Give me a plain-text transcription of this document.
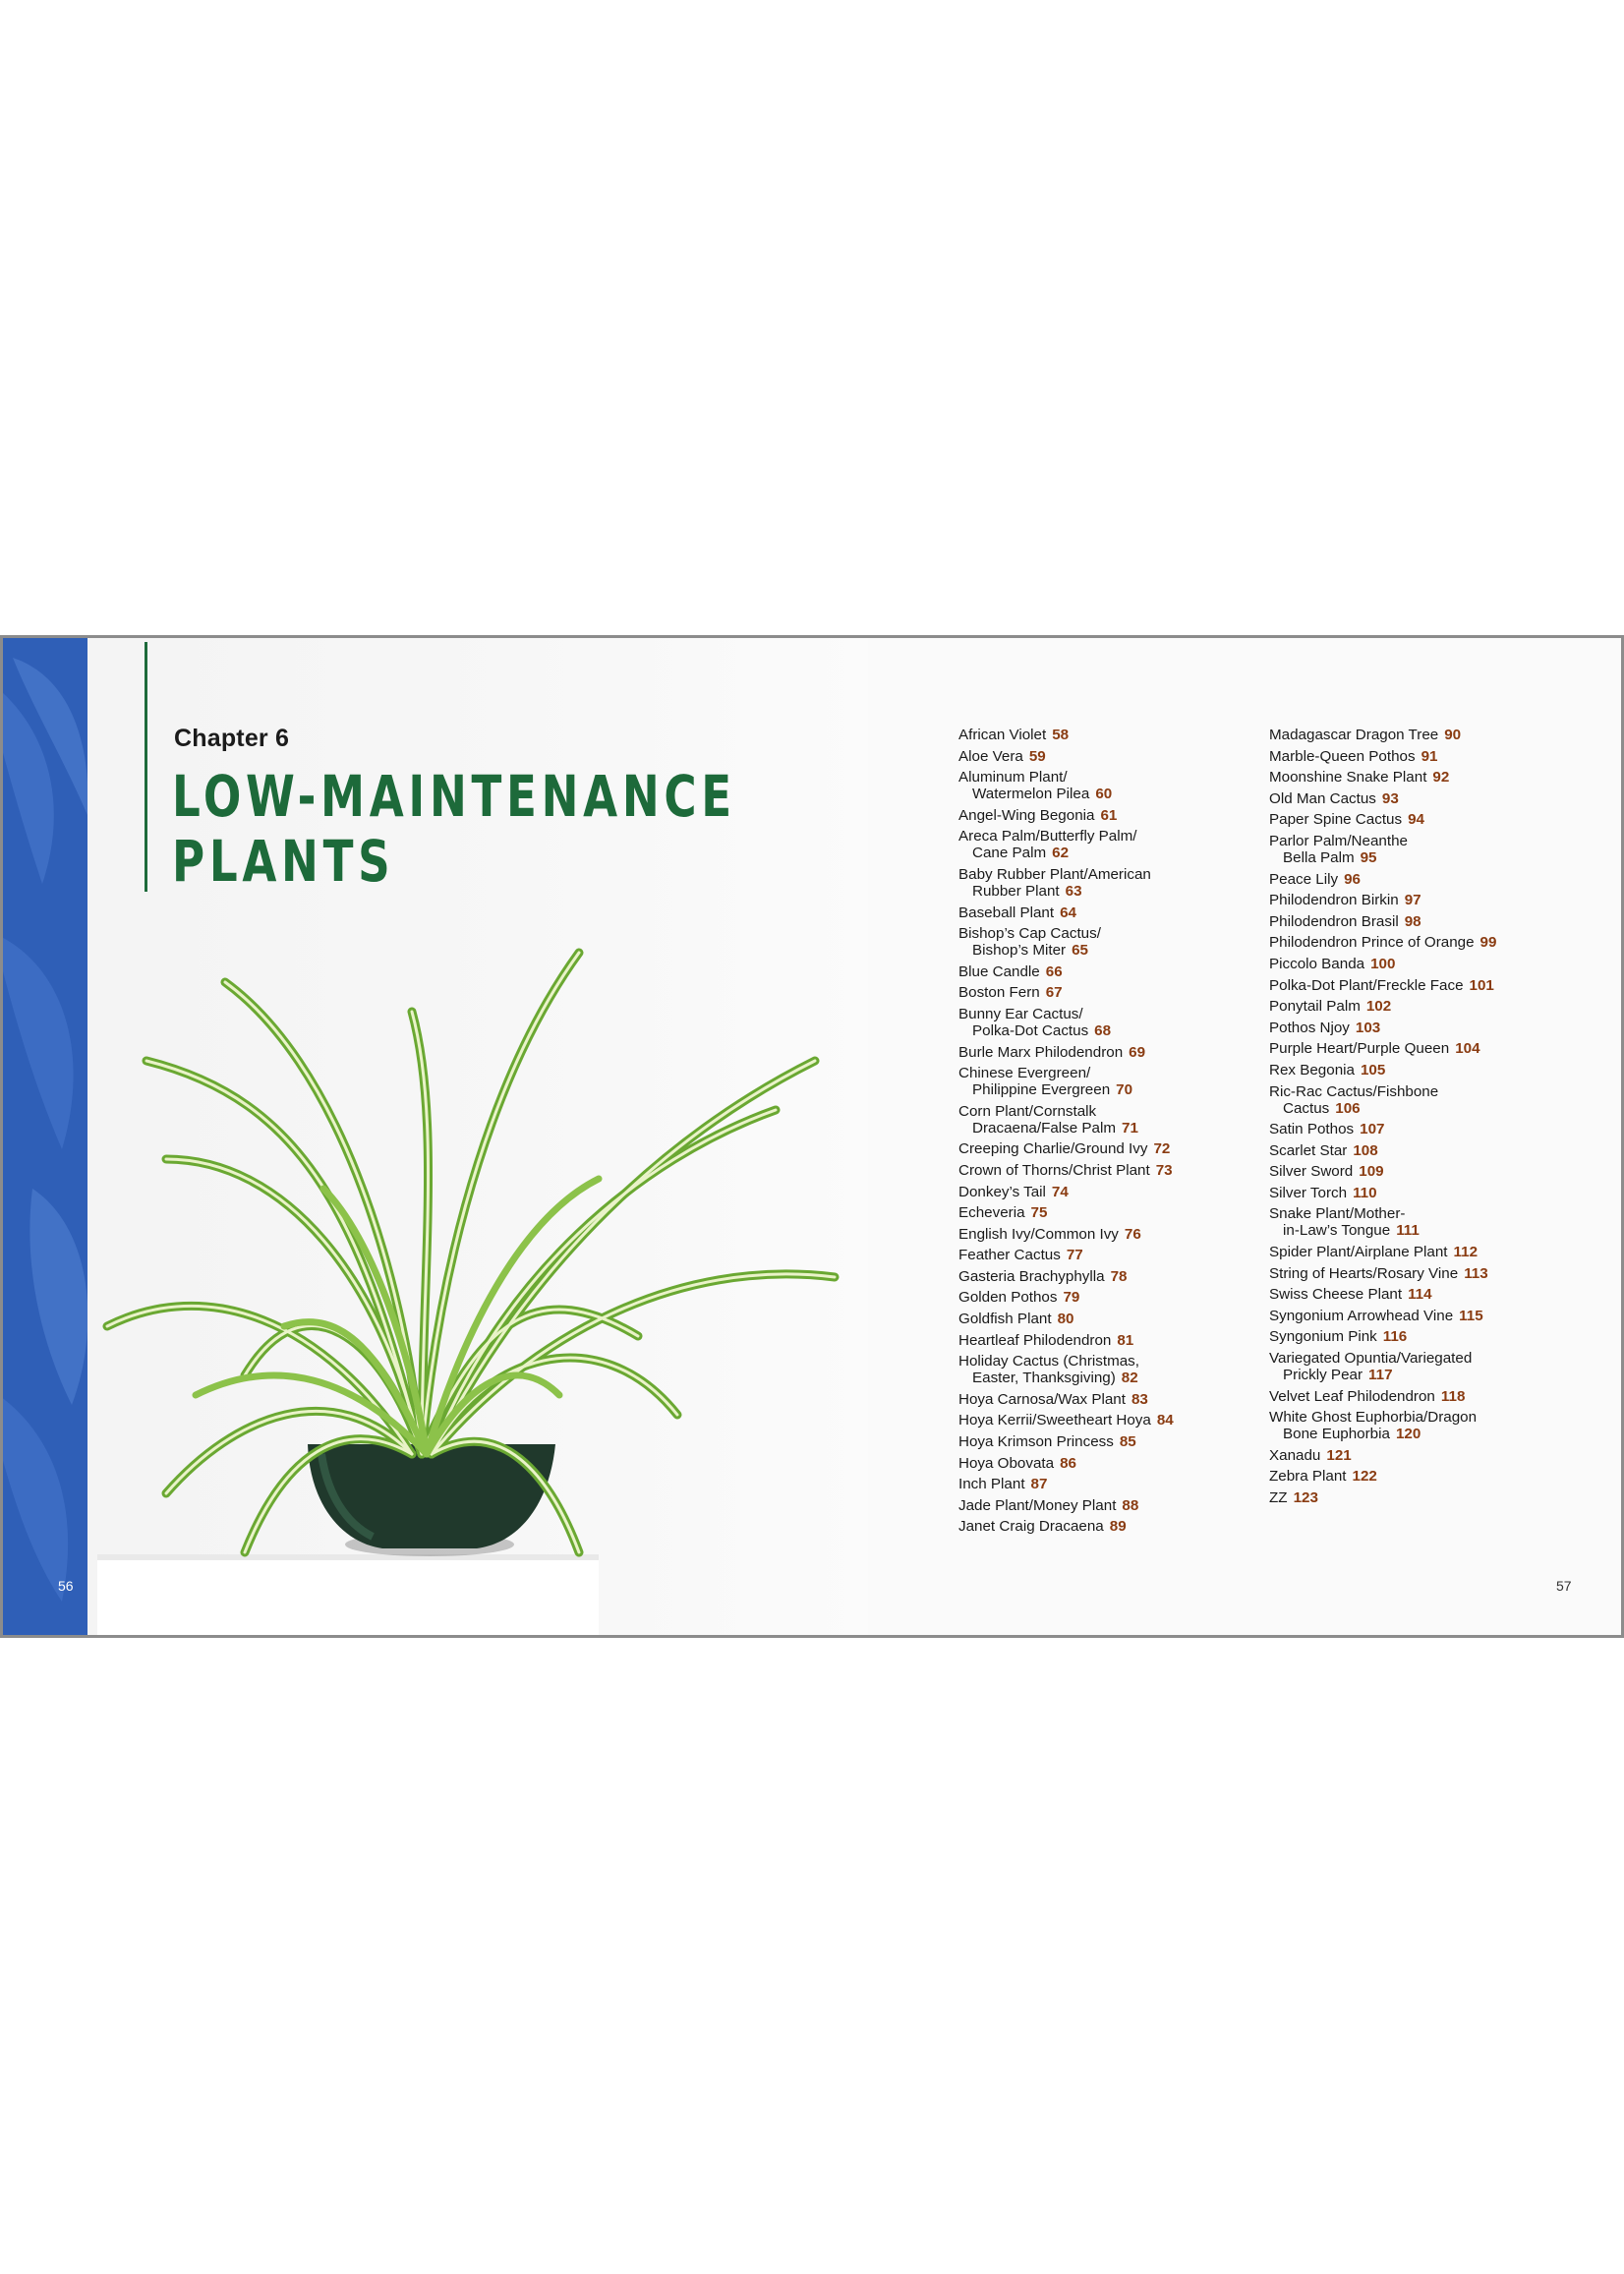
56
Chapter 6
LOW-MAINTENANCE
PLANTS
57
African Violet 58
Aloe Vera 59
Aluminum Plant/
Watermelon Pilea 60
Angel-Wing Begonia 61
Areca Palm/Butterfly Palm/
Cane Palm 62
Baby Rubber Plant/American
Rubber Plant 63
Baseball Plant 64
Bishop’s Cap Cactus/
Bishop’s Miter 65
Blue Candle 66
Boston Fern 67
Bunny Ear Cactus/
Polka-Dot Cactus 68
Burle Marx Philodendron 69
Chinese Evergreen/
Philippine Evergreen 70
Corn Plant/Cornstalk
Dracaena/False Palm 71
Creeping Charlie/Ground Ivy 72
Crown of Thorns/Christ Plant 73
Donkey’s Tail 74
Echeveria 75
English Ivy/Common Ivy 76
Feather Cactus 77
Gasteria Brachyphylla 78
Golden Pothos 79
Goldfish Plant 80
Heartleaf Philodendron 81
Holiday Cactus (Christmas,
Easter, Thanksgiving) 82
Hoya Carnosa/Wax Plant 83
Hoya Kerrii/Sweetheart Hoya 84
Hoya Krimson Princess 85
Hoya Obovata 86
Inch Plant 87
Jade Plant/Money Plant 88
Janet Craig Dracaena 89
Madagascar Dragon Tree 90
Marble-Queen Pothos 91
Moonshine Snake Plant 92
Old Man Cactus 93
Paper Spine Cactus 94
Parlor Palm/Neanthe
Bella Palm 95
Peace Lily 96
Philodendron Birkin 97
Philodendron Brasil 98
Philodendron Prince of Orange 99
Piccolo Banda 100
Polka-Dot Plant/Freckle Face 101
Ponytail Palm 102
Pothos Njoy 103
Purple Heart/Purple Queen 104
Rex Begonia 105
Ric-Rac Cactus/Fishbone
Cactus 106
Satin Pothos 107
Scarlet Star 108
Silver Sword 109
Silver Torch 110
Snake Plant/Mother-
in-Law’s Tongue 111
Spider Plant/Airplane Plant 112
String of Hearts/Rosary Vine 113
Swiss Cheese Plant 114
Syngonium Arrowhead Vine 115
Syngonium Pink 116
Variegated Opuntia/Variegated
Prickly Pear 117
Velvet Leaf Philodendron 118
White Ghost Euphorbia/Dragon
Bone Euphorbia 120
Xanadu 121
Zebra Plant 122
ZZ 123
